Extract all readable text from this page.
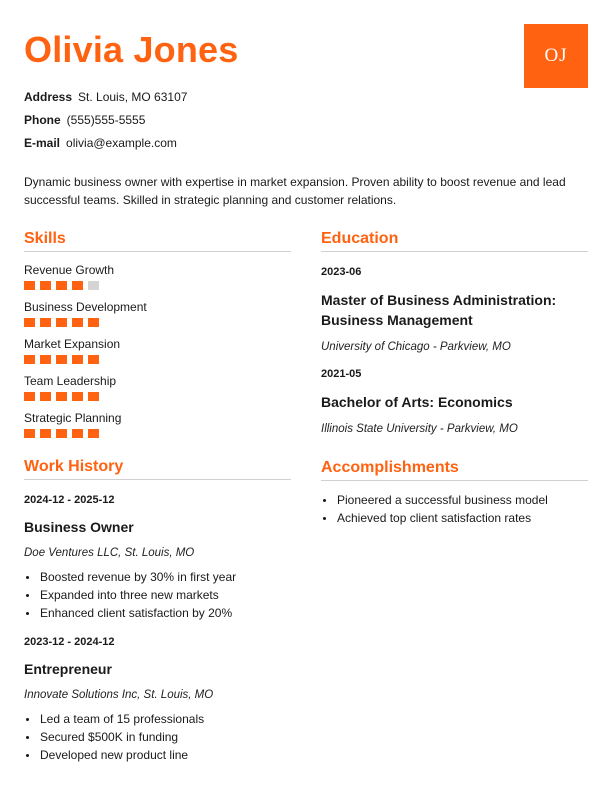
Olivia Jones	OJ
Address St. Louis, MO 63107
Phone (555)555-5555
E-mail olivia@example.com

Dynamic business owner with expertise in market expansion. Proven ability to boost revenue and lead successful teams. Skilled in strategic planning and customer relations.

Skills
Revenue Growth
Business Development
Market Expansion
Team Leadership
Strategic Planning
Work History
2024-12 - 2025-12
Business Owner
Doe Ventures LLC, St. Louis, MO
Boosted revenue by 30% in first year
Expanded into three new markets
Enhanced client satisfaction by 20%
2023-12 - 2024-12
Entrepreneur
Innovate Solutions Inc, St. Louis, MO
Led a team of 15 professionals
Secured $500K in funding
Developed new product line
Education
2023-06
Master of Business Administration: Business Management
University of Chicago - Parkview, MO
2021-05
Bachelor of Arts: Economics
Illinois State University - Parkview, MO
Accomplishments
Pioneered a successful business model
Achieved top client satisfaction rates
